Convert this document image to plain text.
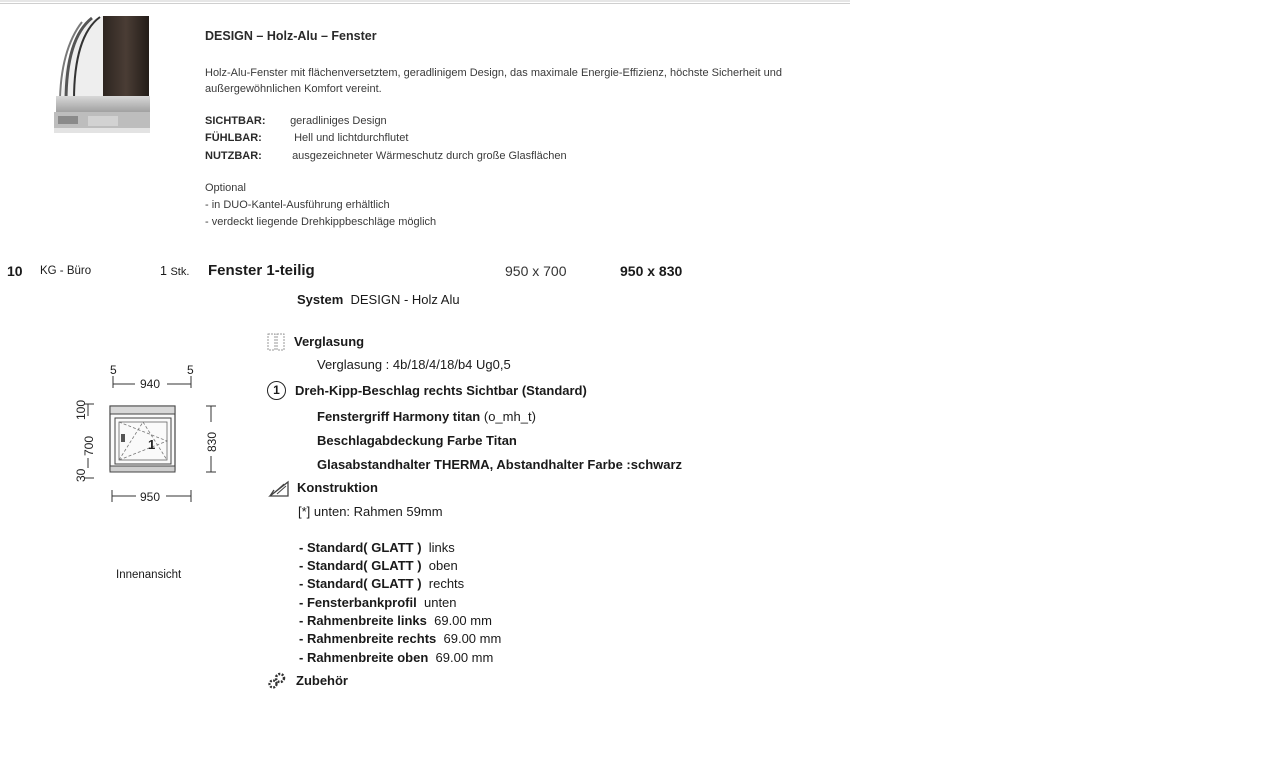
DESIGN – Holz-Alu – Fenster
Holz-Alu-Fenster mit flächenversetztem, geradlinigem Design, das maximale Energie-Effizienz, höchste Sicherheit und außergewöhnlichen Komfort vereint.
SICHTBAR: geradliniges Design
FÜHLBAR:	Hell und lichtdurchflutet
NUTZBAR:	ausgezeichneter Wärmeschutz durch große Glasflächen
Optional
- in DUO-Kantel-Ausführung erhältlich
- verdeckt liegende Drehkippbeschläge möglich
10 KG - Büro	1 Stk. Fenster 1-teilig	950 x 700	950 x 830
System DESIGN - Holz Alu
Verglasung
Verglasung : 4b/18/4/18/b4 Ug0,5
1	Dreh-Kipp-Beschlag rechts Sichtbar (Standard)
Fenstergriff Harmony titan (o_mh_t)
Beschlagabdeckung Farbe Titan
Glasabstandhalter THERMA, Abstandhalter Farbe :schwarz
Konstruktion
[*] unten: Rahmen 59mm
- Standard( GLATT ) links
- Standard( GLATT ) oben
- Standard( GLATT ) rechts
- Fensterbankprofil unten
- Rahmenbreite links 69.00 mm
- Rahmenbreite rechts 69.00 mm
- Rahmenbreite oben 69.00 mm
Zubehör
5
940
5
100
700
30
1	830
950
Innenansicht
